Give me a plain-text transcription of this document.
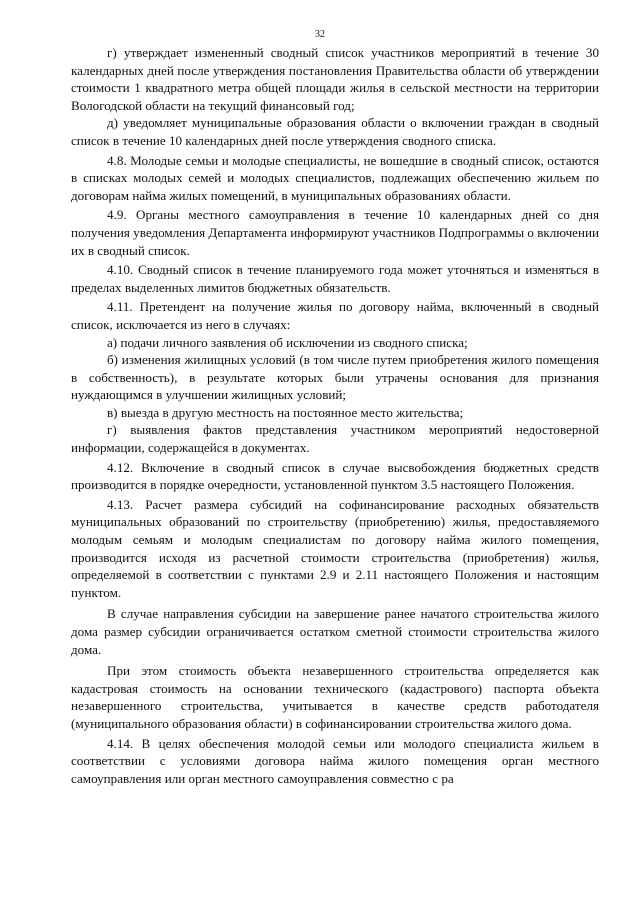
32

г) утверждает измененный сводный список участников мероприятий в течение 30 календарных дней после утверждения постановления Правительства области об утверждении стоимости 1 квадратного метра общей площади жилья в сельской местности на территории Вологодской области на текущий финансовый год;

д) уведомляет муниципальные образования области о включении граждан в сводный список в течение 10 календарных дней после утверждения сводного списка.

4.8. Молодые семьи и молодые специалисты, не вошедшие в сводный список, остаются в списках молодых семей и молодых специалистов, подлежащих обеспечению жильем по договорам найма жилых помещений, в муниципальных образованиях области.

4.9. Органы местного самоуправления в течение 10 календарных дней со дня получения уведомления Департамента информируют участников Подпрограммы о включении их в сводный список.

4.10. Сводный список в течение планируемого года может уточняться и изменяться в пределах выделенных лимитов бюджетных обязательств.

4.11. Претендент на получение жилья по договору найма, включенный в сводный список, исключается из него в случаях:

а) подачи личного заявления об исключении из сводного списка;

б) изменения жилищных условий (в том числе путем приобретения жилого помещения в собственность), в результате которых были утрачены основания для признания нуждающимся в улучшении жилищных условий;

в) выезда в другую местность на постоянное место жительства;

г) выявления фактов представления участником мероприятий недостоверной информации, содержащейся в документах.

4.12. Включение в сводный список в случае высвобождения бюджетных средств производится в порядке очередности, установленной пунктом 3.5 настоящего Положения.

4.13. Расчет размера субсидий на софинансирование расходных обязательств муниципальных образований по строительству (приобретению) жилья, предоставляемого молодым семьям и молодым специалистам по договору найма жилого помещения, производится исходя из расчетной стоимости строительства (приобретения) жилья, определяемой в соответствии с пунктами 2.9 и 2.11 настоящего Положения и настоящим пунктом.

В случае направления субсидии на завершение ранее начатого строительства жилого дома размер субсидии ограничивается остатком сметной стоимости строительства жилого дома.

При этом стоимость объекта незавершенного строительства определяется как кадастровая стоимость на основании технического (кадастрового) паспорта объекта незавершенного строительства, учитывается в качестве средств работодателя (муниципального образования области) в софинансировании строительства жилого дома.

4.14. В целях обеспечения молодой семьи или молодого специалиста жильем в соответствии с условиями договора найма жилого помещения орган местного самоуправления или орган местного самоуправления совместно с ра
